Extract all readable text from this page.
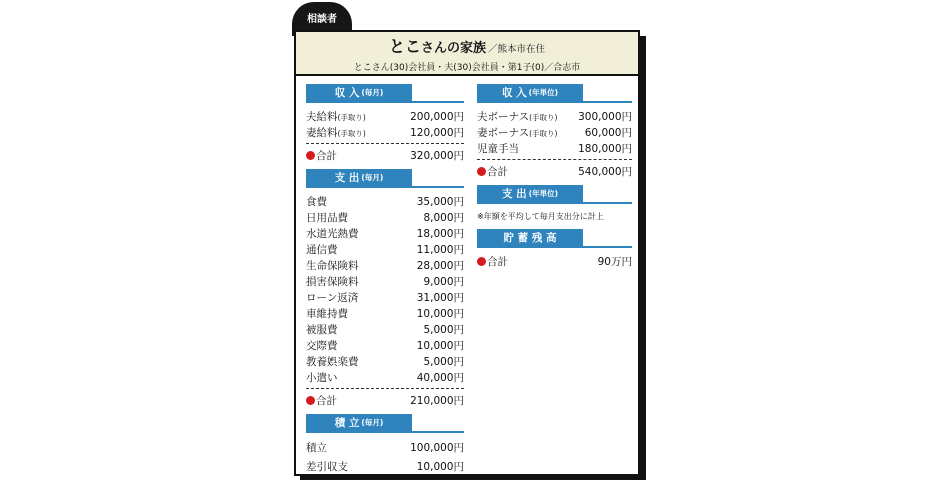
相談者
とこ さんの家族 ／熊本市在住
とこさん(30)会社員・夫(30)会社員・第1子(0)／合志市
収 入 (毎月)
夫給料(手取り)	200,000円
妻給料(手取り)	120,000円
合計	320,000円
支 出 (毎月)
食費	35,000円
日用品費	8,000円
水道光熱費	18,000円
通信費	11,000円
生命保険料	28,000円
損害保険料	9,000円
ローン返済	31,000円
車維持費	10,000円
被服費	5,000円
交際費	10,000円
教養娯楽費	5,000円
小遣い	40,000円
合計	210,000円
積 立 (毎月)
積立	100,000円
差引収支	10,000円
収 入 (年単位)
夫ボーナス(手取り) 300,000円
妻ボーナス(手取り)	60,000円
児童手当	180,000円
合計	540,000円
支 出 (年単位)
※年額を平均して毎月支出分に計上
貯 蓄 残 高
合計	90万円
